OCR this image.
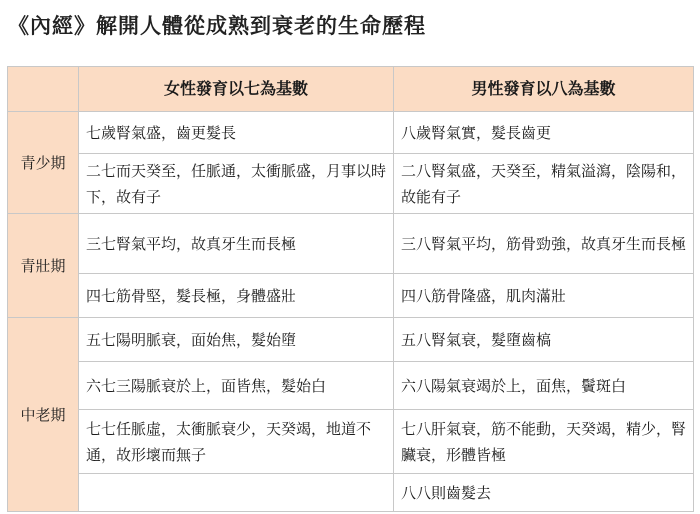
《內經》解開人體從成熟到衰老的生命歷程
	女性發育以七為基數	男性發育以八為基數
青少期	七歲腎氣盛，齒更髮長	八歲腎氣實，髮長齒更

	二七而天癸至，任脈通，太衝脈盛，月事以時下，故有子	二八腎氣盛，天癸至，精氣溢瀉，陰陽和，故能有子

青壯期	三七腎氣平均，故真牙生而長極	三八腎氣平均，筋骨勁強，故真牙生而長極

	四七筋骨堅，髮長極，身體盛壯	四八筋骨隆盛，肌肉滿壯

中老期	五七陽明脈衰，面始焦，髮始墮	五八腎氣衰，髮墮齒槁

	六七三陽脈衰於上，面皆焦，髮始白	六八陽氣衰竭於上，面焦，鬢斑白

	七七任脈虛，太衝脈衰少，天癸竭，地道不通，故形壞而無子	七八肝氣衰，筋不能動，天癸竭，精少，腎臟衰，形體皆極

		八八則齒髮去
